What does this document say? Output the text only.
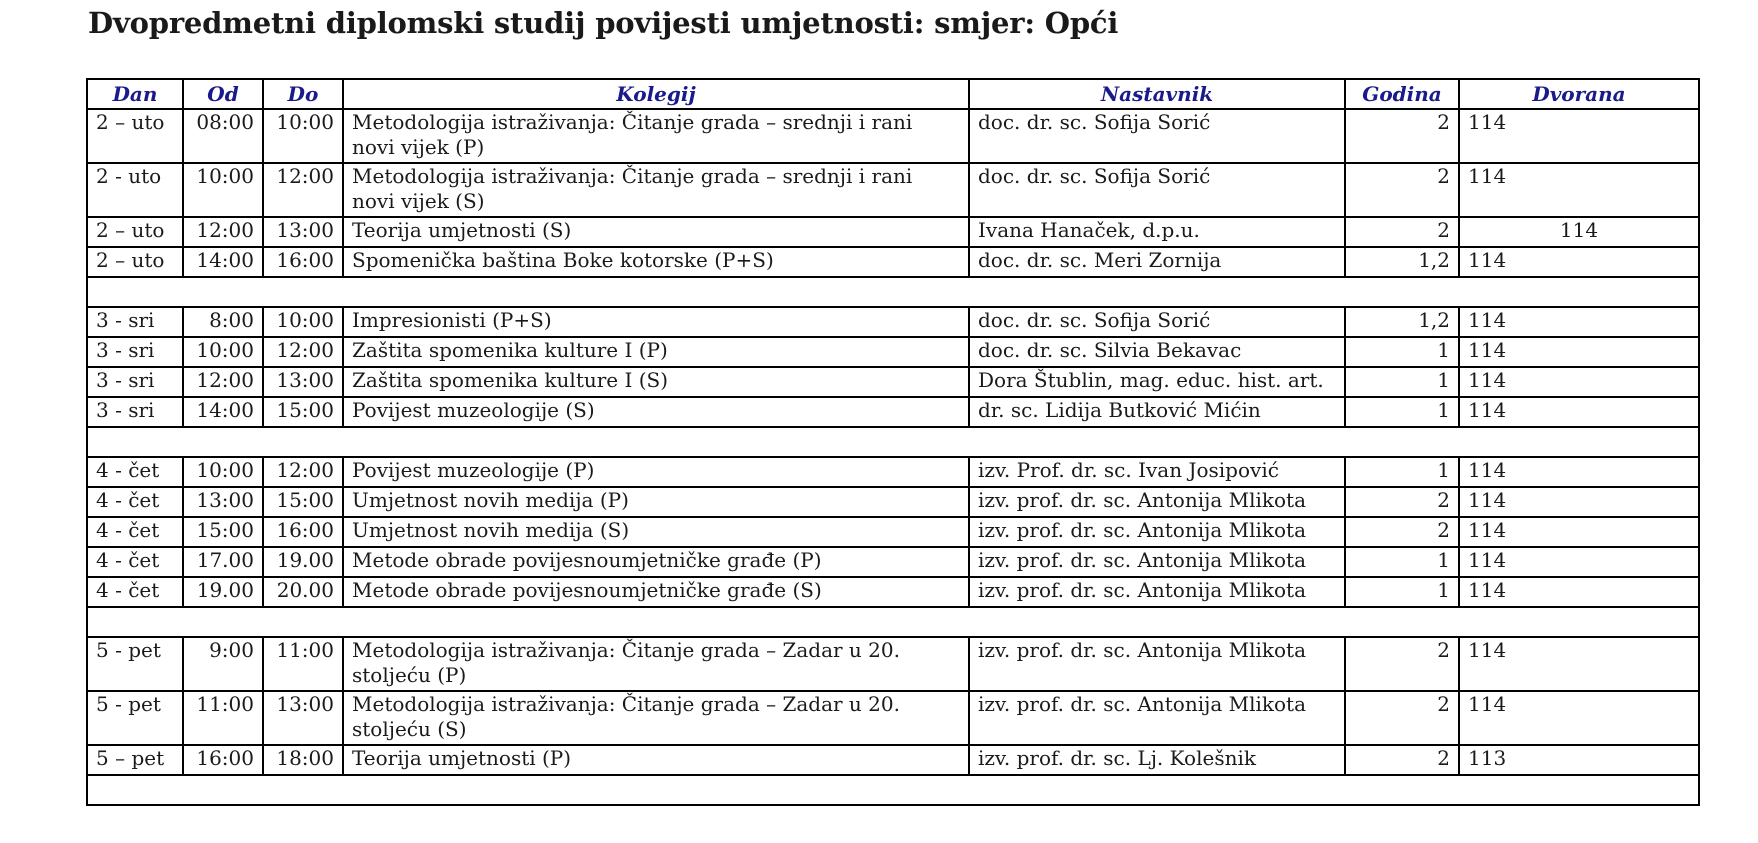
Dvopredmetni diplomski studij povijesti umjetnosti: smjer: Opći
Dan	Od	Do	Kolegij	Nastavnik	Godina	Dvorana
2 – uto	08:00	10:00	Metodologija istraživanja: Čitanje grada – srednji i rani novi vijek (P)	doc. dr. sc. Sofija Sorić	2	114
2 - uto	10:00	12:00	Metodologija istraživanja: Čitanje grada – srednji i rani novi vijek (S)	doc. dr. sc. Sofija Sorić	2	114
2 – uto	12:00	13:00	Teorija umjetnosti (S)	Ivana Hanaček, d.p.u.	2	114
2 – uto	14:00	16:00	Spomenička baština Boke kotorske (P+S)	doc. dr. sc. Meri Zornija	1,2	114

3 - sri	8:00	10:00	Impresionisti (P+S)	doc. dr. sc. Sofija Sorić	1,2	114
3 - sri	10:00	12:00	Zaštita spomenika kulture I (P)	doc. dr. sc. Silvia Bekavac	1	114
3 - sri	12:00	13:00	Zaštita spomenika kulture I (S)	Dora Štublin, mag. educ. hist. art.	1	114
3 - sri	14:00	15:00	Povijest muzeologije (S)	dr. sc. Lidija Butković Mićin	1	114

4 - čet	10:00	12:00	Povijest muzeologije (P)	izv. Prof. dr. sc. Ivan Josipović	1	114
4 - čet	13:00	15:00	Umjetnost novih medija (P)	izv. prof. dr. sc. Antonija Mlikota	2	114
4 - čet	15:00	16:00	Umjetnost novih medija (S)	izv. prof. dr. sc. Antonija Mlikota	2	114
4 - čet	17.00	19.00	Metode obrade povijesnoumjetničke građe (P)	izv. prof. dr. sc. Antonija Mlikota	1	114
4 - čet	19.00	20.00	Metode obrade povijesnoumjetničke građe (S)	izv. prof. dr. sc. Antonija Mlikota	1	114

5 - pet	9:00	11:00	Metodologija istraživanja: Čitanje grada – Zadar u 20. stoljeću (P)	izv. prof. dr. sc. Antonija Mlikota	2	114
5 - pet	11:00	13:00	Metodologija istraživanja: Čitanje grada – Zadar u 20. stoljeću (S)	izv. prof. dr. sc. Antonija Mlikota	2	114
5 – pet	16:00	18:00	Teorija umjetnosti (P)	izv. prof. dr. sc. Lj. Kolešnik	2	113
